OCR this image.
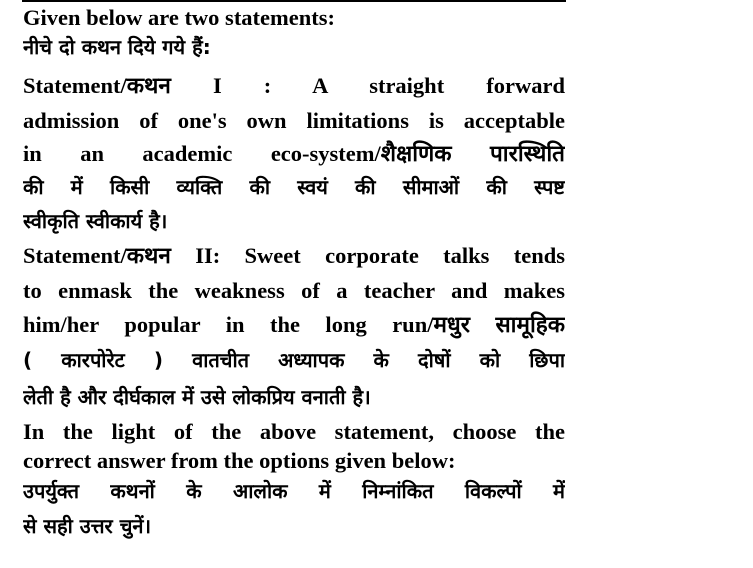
Given below are two statements:
नीचे दो कथन दिये गये हैं:
Statement/कथन I : A straight forward
admission of one's own limitations is acceptable
in an academic eco-system/शैक्षणिक पारस्थिति
की में किसी व्यक्ति की स्वयं की सीमाओं की स्पष्ट
स्वीकृति स्वीकार्य है।
Statement/कथन II: Sweet corporate talks tends
to enmask the weakness of a teacher and makes
him/her popular in the long run/मधुर सामूहिक
( कारपोरेट ) वातचीत अध्यापक के दोषों को छिपा
लेती है और दीर्घकाल में उसे लोकप्रिय वनाती है।
In the light of the above statement, choose the
correct answer from the options given below:
उपर्युक्त कथनों के आलोक में निम्नांकित विकल्पों में
से सही उत्तर चुनें।
